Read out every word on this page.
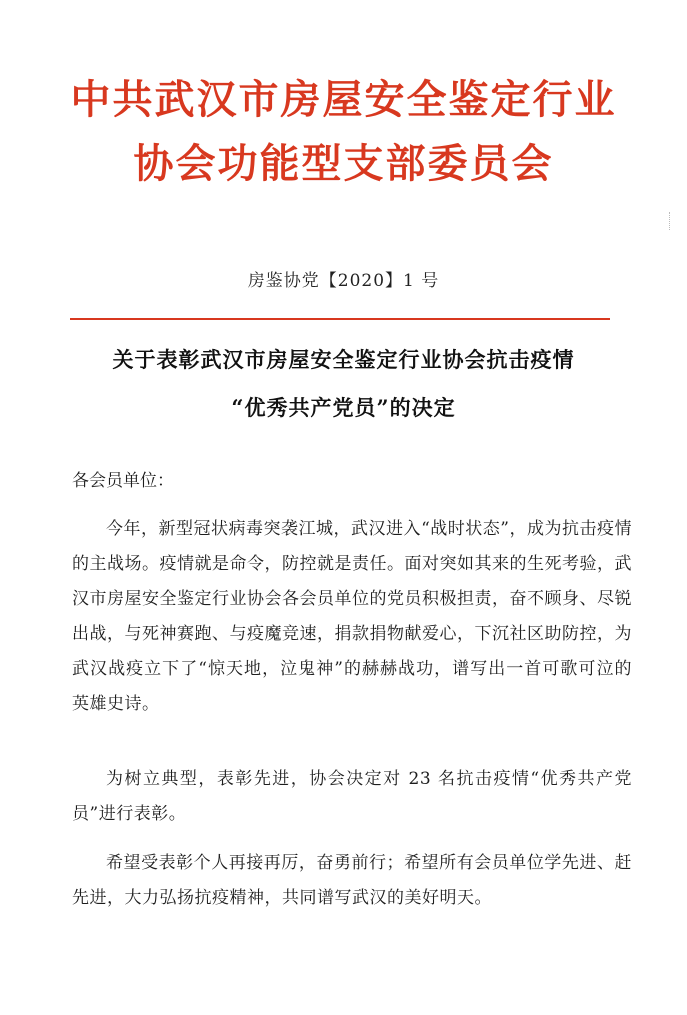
中共武汉市房屋安全鉴定行业
协会功能型支部委员会
房鉴协党【2020】1 号
关于表彰武汉市房屋安全鉴定行业协会抗击疫情
“优秀共产党员”的决定
各会员单位：

今年，新型冠状病毒突袭江城，武汉进入“战时状态”，成为抗击疫情的主战场。疫情就是命令，防控就是责任。面对突如其来的生死考验，武汉市房屋安全鉴定行业协会各会员单位的党员积极担责，奋不顾身、尽锐出战，与死神赛跑、与疫魔竞速，捐款捐物献爱心，下沉社区助防控，为武汉战疫立下了“惊天地，泣鬼神”的赫赫战功，谱写出一首可歌可泣的英雄史诗。

为树立典型，表彰先进，协会决定对 23 名抗击疫情“优秀共产党员”进行表彰。

希望受表彰个人再接再厉，奋勇前行；希望所有会员单位学先进、赶先进，大力弘扬抗疫精神，共同谱写武汉的美好明天。
